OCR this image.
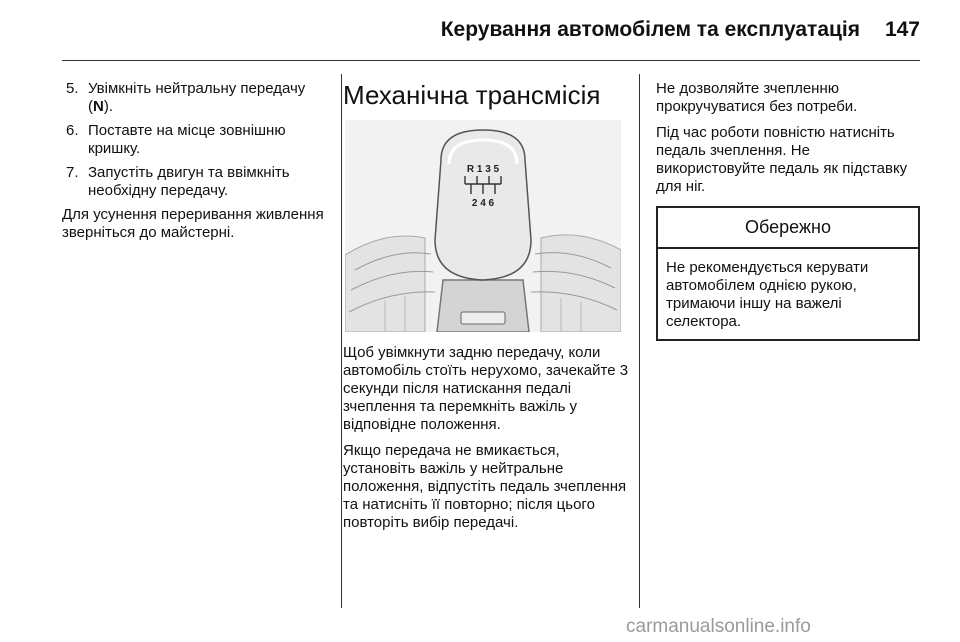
Керування автомобілем та експлуатація	147
5. Увімкніть нейтральну передачу (N).
6. Поставте на місце зовнішню кришку.
7. Запустіть двигун та ввімкніть необхідну передачу.

Для усунення переривання живлення зверніться до майстерні.

Механічна трансмісія
R 1 3 5
2 4 6

Щоб увімкнути задню передачу, коли автомобіль стоїть нерухомо, зачекайте 3 секунди після натискання педалі зчеплення та перемкніть важіль у відповідне положення.

Якщо передача не вмикається, установіть важіль у нейтральне положення, відпустіть педаль зчеплення та натисніть її повторно; після цього повторіть вибір передачі.

Не дозволяйте зчепленню прокручуватися без потреби.

Під час роботи повністю натисніть педаль зчеплення. Не використовуйте педаль як підставку для ніг.

Обережно
Не рекомендується керувати автомобілем однією рукою, тримаючи іншу на важелі селектора.
carmanualsonline.info
